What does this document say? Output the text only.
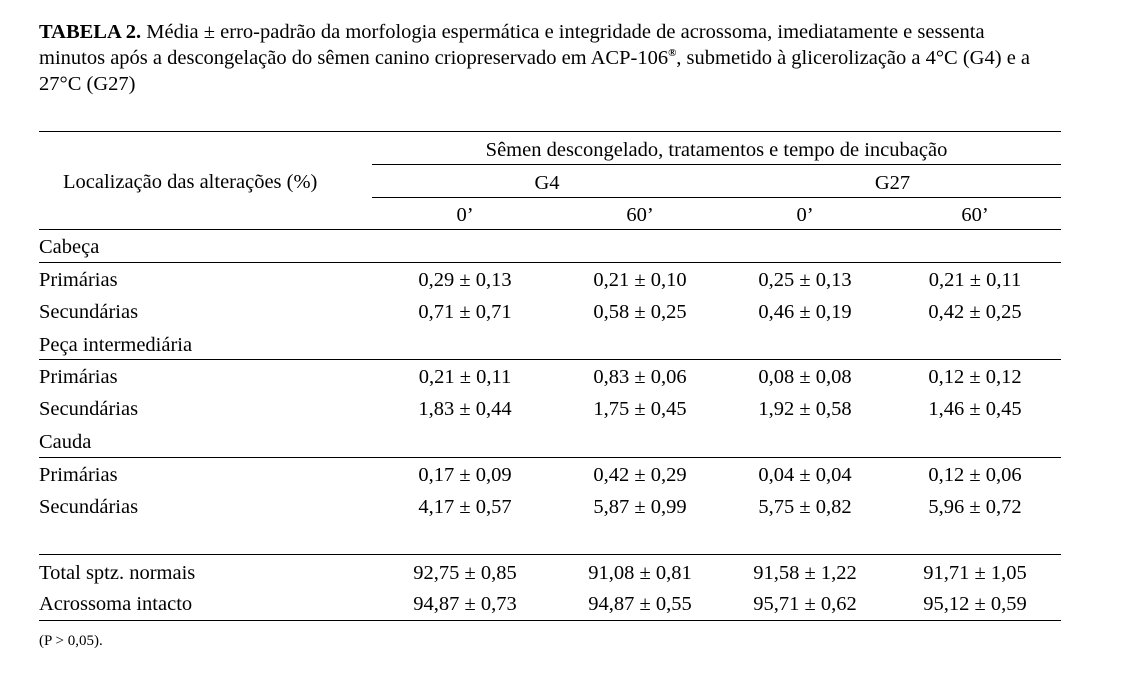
TABELA 2. Média ± erro-padrão da morfologia espermática e integridade de acrossoma, imediatamente e sessenta
minutos após a descongelação do sêmen canino criopreservado em ACP-106®, submetido à glicerolização a 4°C (G4) e a
27°C (G27)
Localização das alterações (%)
Sêmen descongelado, tratamentos e tempo de incubação
G4	G27
0’	60’	0’	60’
Cabeça
Primárias	0,29 ± 0,13	0,21 ± 0,10	0,25 ± 0,13	0,21 ± 0,11
Secundárias	0,71 ± 0,71	0,58 ± 0,25	0,46 ± 0,19	0,42 ± 0,25
Peça intermediária
Primárias	0,21 ± 0,11	0,83 ± 0,06	0,08 ± 0,08	0,12 ± 0,12
Secundárias	1,83 ± 0,44	1,75 ± 0,45	1,92 ± 0,58	1,46 ± 0,45
Cauda
Primárias	0,17 ± 0,09	0,42 ± 0,29	0,04 ± 0,04	0,12 ± 0,06
Secundárias	4,17 ± 0,57	5,87 ± 0,99	5,75 ± 0,82	5,96 ± 0,72
Total sptz. normais	92,75 ± 0,85	91,08 ± 0,81	91,58 ± 1,22	91,71 ± 1,05
Acrossoma intacto	94,87 ± 0,73	94,87 ± 0,55	95,71 ± 0,62	95,12 ± 0,59
(P > 0,05).
